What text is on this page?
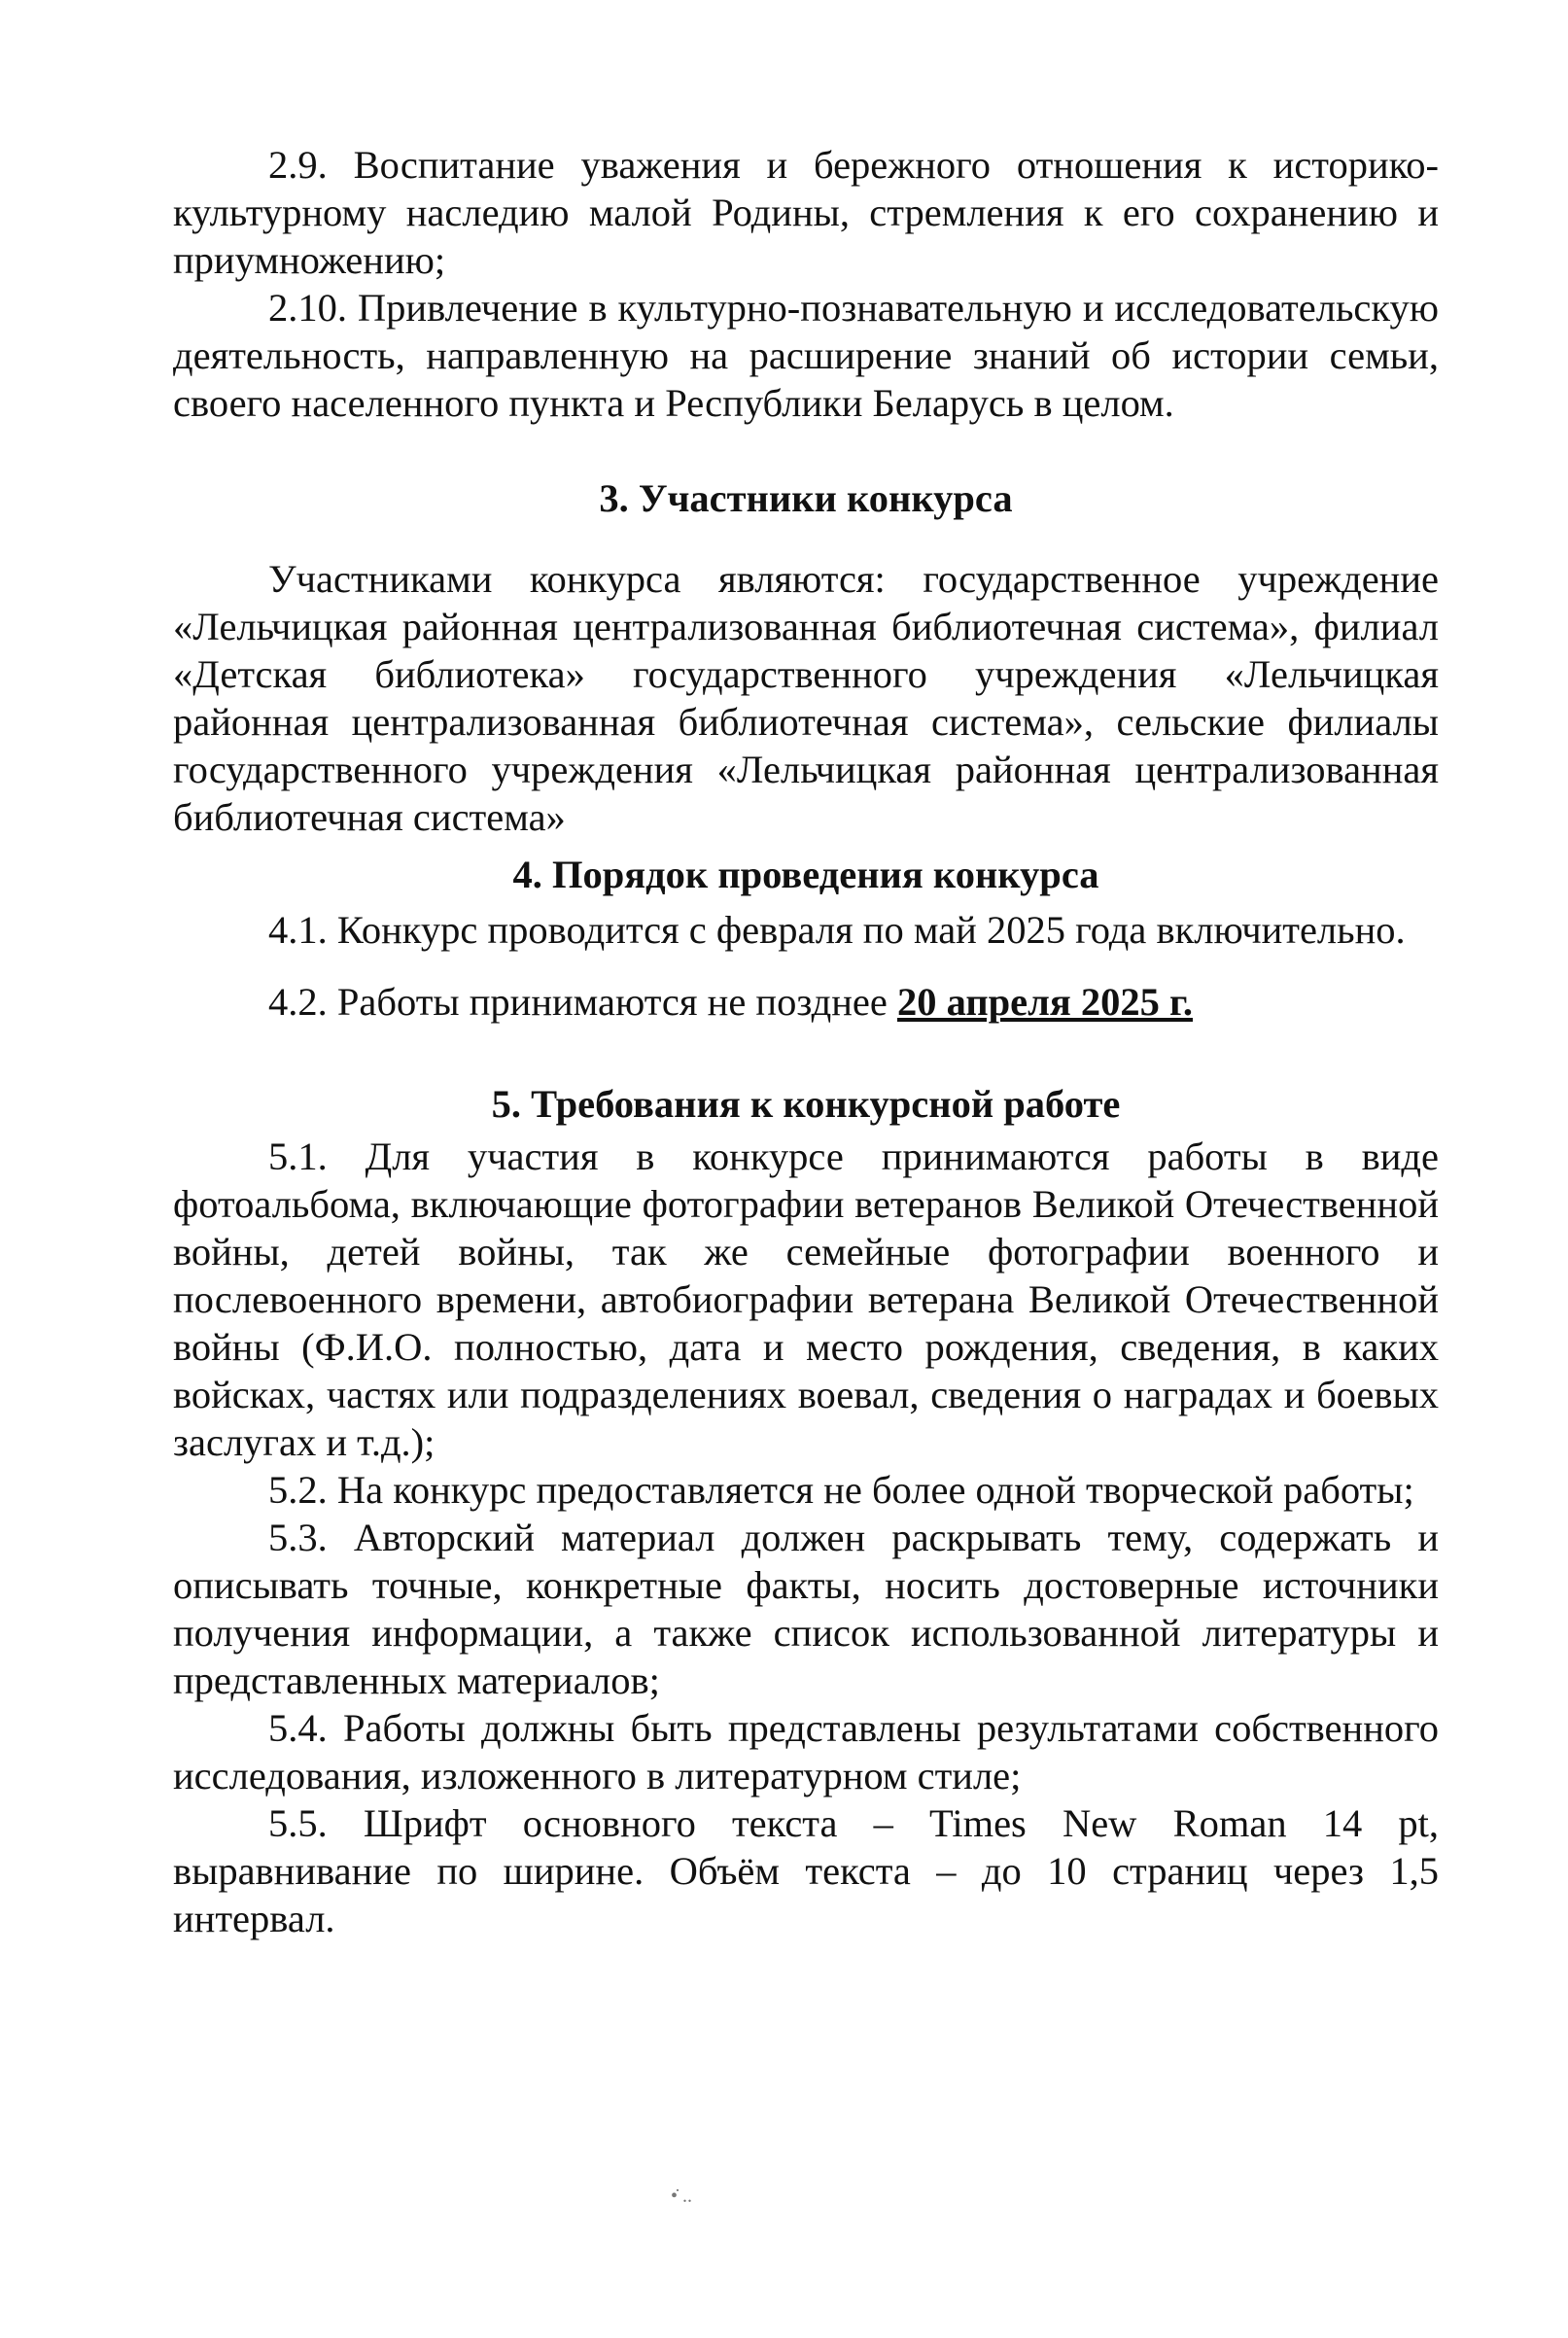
2.9. Воспитание уважения и бережного отношения к историко-культурному наследию малой Родины, стремления к его сохранению и приумножению;

2.10. Привлечение в культурно-познавательную и исследовательскую деятельность, направленную на расширение знаний об истории семьи, своего населенного пункта и Республики Беларусь в целом.

3. Участники конкурса

Участниками конкурса являются: государственное учреждение «Лельчицкая районная централизованная библиотечная система», филиал «Детская библиотека» государственного учреждения «Лельчицкая районная централизованная библиотечная система», сельские филиалы государственного учреждения «Лельчицкая районная централизованная библиотечная система»

4. Порядок проведения конкурса

4.1. Конкурс проводится с февраля по май 2025 года включительно.

4.2. Работы принимаются не позднее 20 апреля 2025 г.

5. Требования к конкурсной работе

5.1. Для участия в конкурсе принимаются работы в виде фотоальбома, включающие фотографии ветеранов Великой Отечественной войны, детей войны, так же семейные фотографии военного и послевоенного времени, автобиографии ветерана Великой Отечественной войны (Ф.И.О. полностью, дата и место рождения, сведения, в каких войсках, частях или подразделениях воевал, сведения о наградах и боевых заслугах и т.д.);

5.2. На конкурс предоставляется не более одной творческой работы;

5.3. Авторский материал должен раскрывать тему, содержать и описывать точные, конкретные факты, носить достоверные источники получения информации, а также список использованной литературы и представленных материалов;

5.4. Работы должны быть представлены результатами собственного исследования, изложенного в литературном стиле;

5.5. Шрифт основного текста – Times New Roman 14 pt, выравнивание по ширине. Объём текста – до 10 страниц через 1,5 интервал.

•̇ ..
